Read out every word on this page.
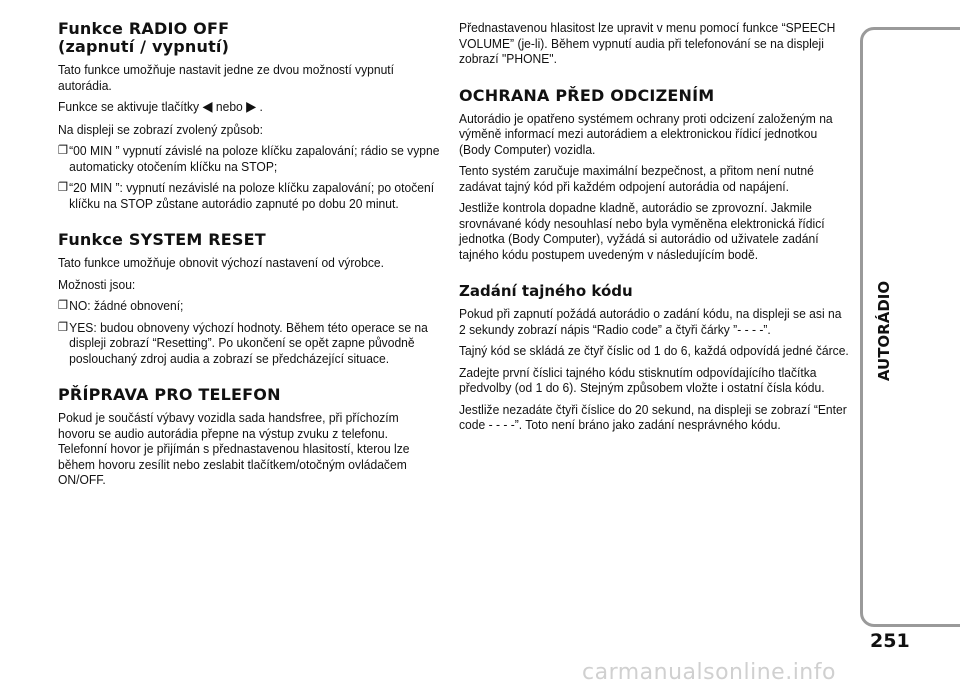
Funkce RADIO OFF
(zapnutí / vypnutí)

Tato funkce umožňuje nastavit jedne ze dvou možností vypnutí autorádia.

Funkce se aktivuje tlačítky ◀ nebo ▶ .

Na displeji se zobrazí zvolený způsob:

❐ “00 MIN ” vypnutí závislé na poloze klíčku zapalování; rádio se vypne automaticky otočením klíčku na STOP;

❐ “20 MIN ”: vypnutí nezávislé na poloze klíčku zapalování; po otočení klíčku na STOP zůstane autorádio zapnuté po dobu 20 minut.

Funkce SYSTEM RESET

Tato funkce umožňuje obnovit výchozí nastavení od výrobce.

Možnosti jsou:

❐ NO: žádné obnovení;

❐ YES: budou obnoveny výchozí hodnoty. Během této operace se na displeji zobrazí “Resetting”. Po ukončení se opět zapne původně poslouchaný zdroj audia a zobrazí se předcházející situace.

PŘÍPRAVA PRO TELEFON

Pokud je součástí výbavy vozidla sada handsfree, při příchozím hovoru se audio autorádia přepne na výstup zvuku z telefonu. Telefonní hovor je přijímán s přednastavenou hlasitostí, kterou lze během hovoru zesílit nebo zeslabit tlačítkem/otočným ovládačem ON/OFF.

Přednastavenou hlasitost lze upravit v menu pomocí funkce “SPEECH VOLUME” (je-li). Během vypnutí audia při telefonování se na displeji zobrazí "PHONE".

OCHRANA PŘED ODCIZENÍM

Autorádio je opatřeno systémem ochrany proti odcizení založeným na výměně informací mezi autorádiem a elektronickou řídicí jednotkou (Body Computer) vozidla.

Tento systém zaručuje maximální bezpečnost, a přitom není nutné zadávat tajný kód při každém odpojení autorádia od napájení.

Jestliže kontrola dopadne kladně, autorádio se zprovozní. Jakmile srovnávané kódy nesouhlasí nebo byla vyměněna elektronická řídicí jednotka (Body Computer), vyžádá si autorádio od uživatele zadání tajného kódu postupem uvedeným v následujícím bodě.

Zadání tajného kódu

Pokud při zapnutí požádá autorádio o zadání kódu, na displeji se asi na 2 sekundy zobrazí nápis “Radio code” a čtyři čárky ”- - - -”.

Tajný kód se skládá ze čtyř číslic od 1 do 6, každá odpovídá jedné čárce.

Zadejte první číslici tajného kódu stisknutím odpovídajícího tlačítka předvolby (od 1 do 6). Stejným způsobem vložte i ostatní čísla kódu.

Jestliže nezadáte čtyři číslice do 20 sekund, na displeji se zobrazí “Enter code - - - -”. Toto není bráno jako zadání nesprávného kódu.

AUTORÁDIO
251
carmanualsonline.info
